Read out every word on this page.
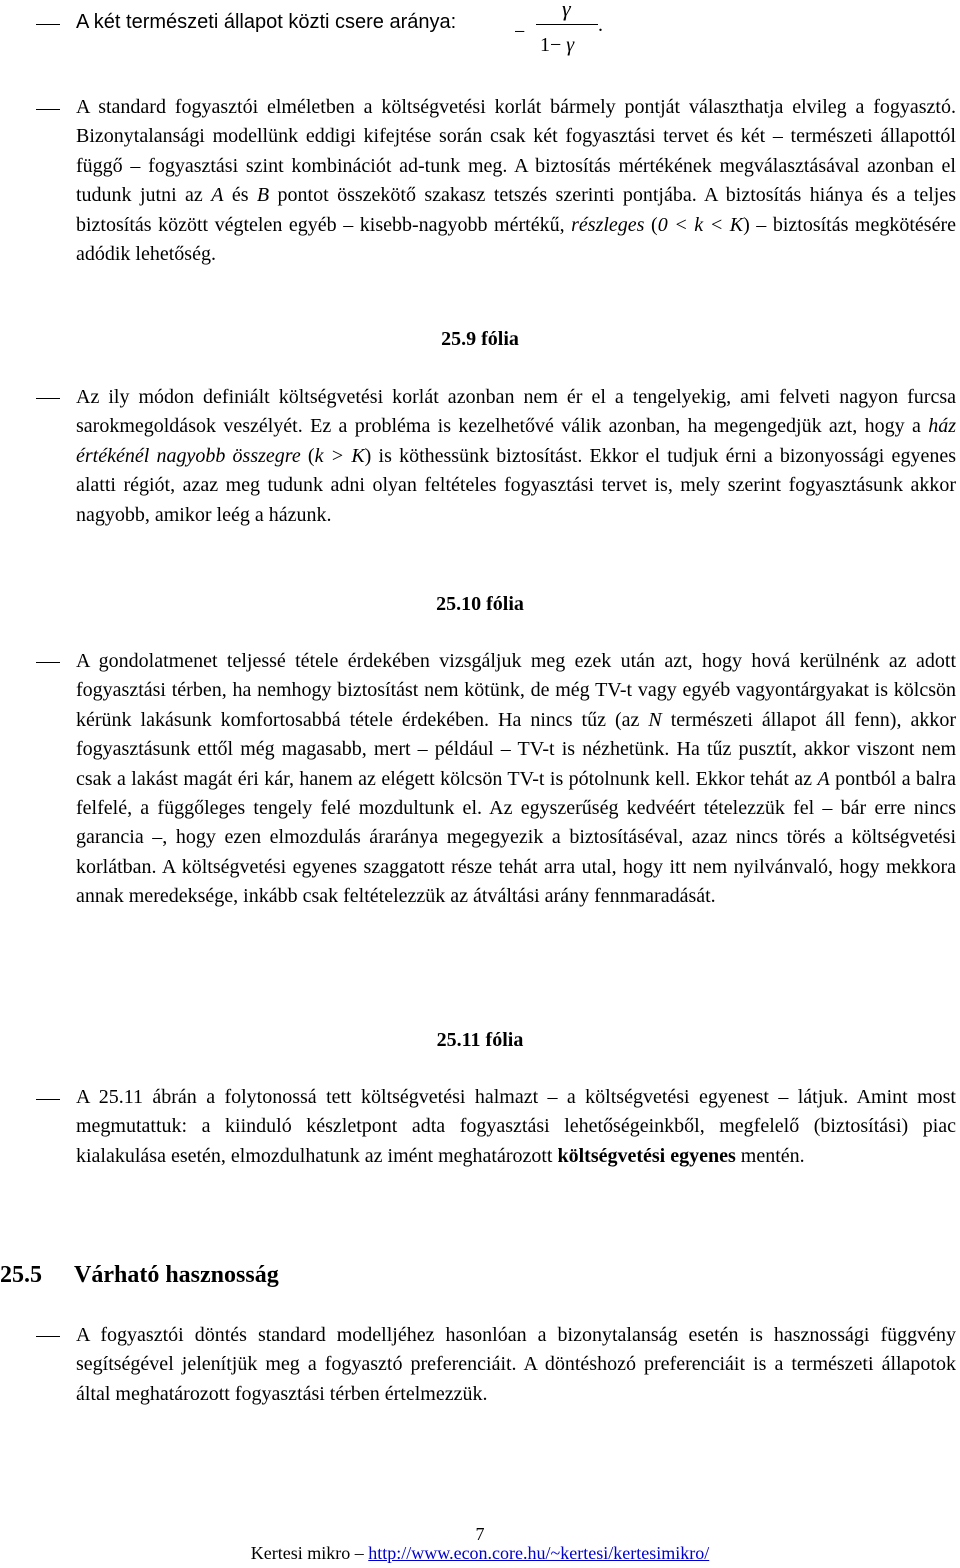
A két természeti állapot közti csere aránya:	−
γ
1− γ
.
A standard fogyasztói elméletben a költségvetési korlát bármely pontját választhatja elvileg a fogyasztó. Bizonytalansági modellünk eddigi kifejtése során csak két fogyasztási tervet és két – természeti állapottól függő – fogyasztási szint kombinációt ad-tunk meg. A biztosítás mértékének megválasztásával azonban el tudunk jutni az A és B pontot összekötő szakasz tetszés szerinti pontjába. A biztosítás hiánya és a teljes biztosítás között végtelen egyéb – kisebb-nagyobb mértékű, részleges (0 < k < K) – biztosítás megkötésére adódik lehetőség.
25.9 fólia
Az ily módon definiált költségvetési korlát azonban nem ér el a tengelyekig, ami felveti nagyon furcsa sarokmegoldások veszélyét. Ez a probléma is kezelhetővé válik azonban, ha megengedjük azt, hogy a ház értékénél nagyobb összegre (k > K) is köthessünk biztosítást. Ekkor el tudjuk érni a bizonyossági egyenes alatti régiót, azaz meg tudunk adni olyan feltételes fogyasztási tervet is, mely szerint fogyasztásunk akkor nagyobb, amikor leég a házunk.
25.10 fólia
A gondolatmenet teljessé tétele érdekében vizsgáljuk meg ezek után azt, hogy hová kerülnénk az adott fogyasztási térben, ha nemhogy biztosítást nem kötünk, de még TV-t vagy egyéb vagyontárgyakat is kölcsön kérünk lakásunk komfortosabbá tétele érdekében. Ha nincs tűz (az N természeti állapot áll fenn), akkor fogyasztásunk ettől még magasabb, mert – például – TV-t is nézhetünk. Ha tűz pusztít, akkor viszont nem csak a lakást magát éri kár, hanem az elégett kölcsön TV-t is pótolnunk kell. Ekkor tehát az A pontból a balra felfelé, a függőleges tengely felé mozdultunk el. Az egyszerűség kedvéért tételezzük fel – bár erre nincs garancia –, hogy ezen elmozdulás áraránya megegyezik a biztosításéval, azaz nincs törés a költségvetési korlátban. A költségvetési egyenes szaggatott része tehát arra utal, hogy itt nem nyilvánvaló, hogy mekkora annak meredeksége, inkább csak feltételezzük az átváltási arány fennmaradását.
25.11 fólia
A 25.11 ábrán a folytonossá tett költségvetési halmazt – a költségvetési egyenest – látjuk. Amint most megmutattuk: a kiinduló készletpont adta fogyasztási lehetőségeinkből, megfelelő (biztosítási) piac kialakulása esetén, elmozdulhatunk az imént meghatározott költségvetési egyenes mentén.
25.5 Várható hasznosság
A fogyasztói döntés standard modelljéhez hasonlóan a bizonytalanság esetén is hasznossági függvény segítségével jelenítjük meg a fogyasztó preferenciáit. A döntéshozó preferenciáit is a természeti állapotok által meghatározott fogyasztási térben értelmezzük.
7
Kertesi mikro – http://www.econ.core.hu/~kertesi/kertesimikro/
